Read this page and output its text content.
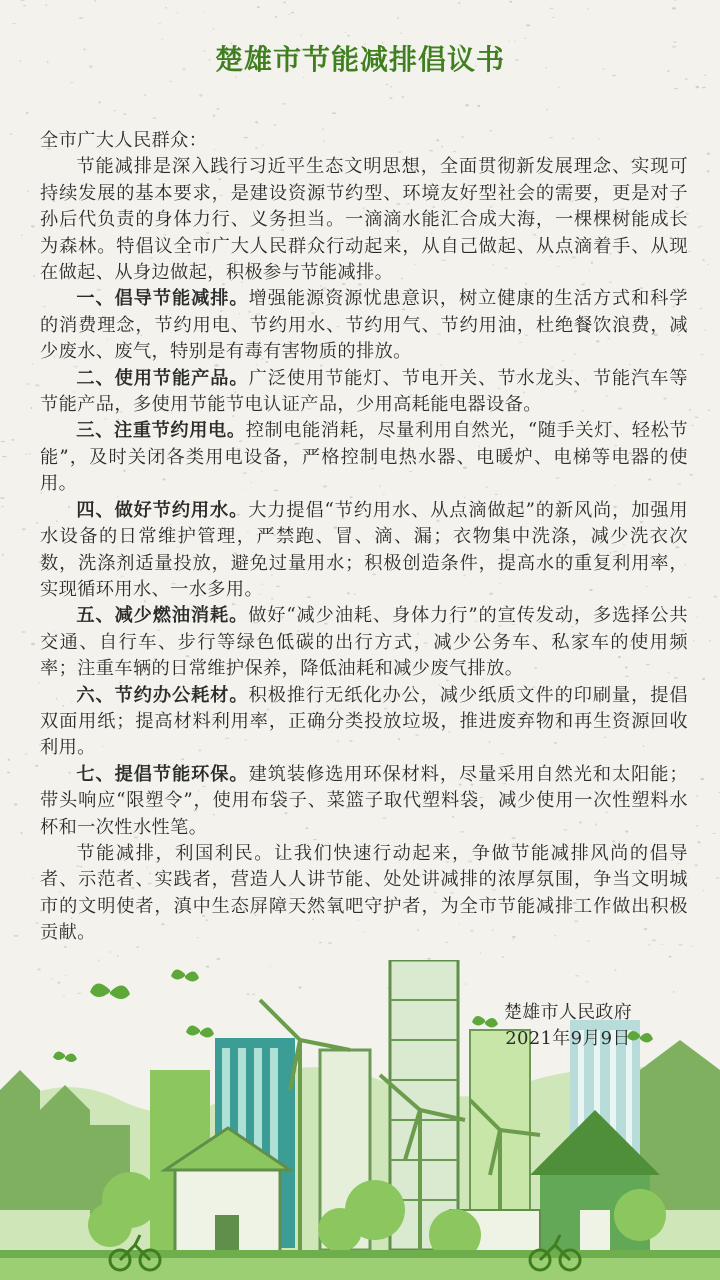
楚雄市节能减排倡议书

全市广大人民群众：

节能减排是深入践行习近平生态文明思想，全面贯彻新发展理念、实现可持续发展的基本要求，是建设资源节约型、环境友好型社会的需要，更是对子孙后代负责的身体力行、义务担当。一滴滴水能汇合成大海，一棵棵树能成长为森林。特倡议全市广大人民群众行动起来，从自己做起、从点滴着手、从现在做起、从身边做起，积极参与节能减排。

一、倡导节能减排。增强能源资源忧患意识，树立健康的生活方式和科学的消费理念，节约用电、节约用水、节约用气、节约用油，杜绝餐饮浪费，减少废水、废气，特别是有毒有害物质的排放。

二、使用节能产品。广泛使用节能灯、节电开关、节水龙头、节能汽车等节能产品，多使用节能节电认证产品，少用高耗能电器设备。

三、注重节约用电。控制电能消耗，尽量利用自然光，“随手关灯、轻松节能”，及时关闭各类用电设备，严格控制电热水器、电暖炉、电梯等电器的使用。

四、做好节约用水。大力提倡“节约用水、从点滴做起”的新风尚，加强用水设备的日常维护管理，严禁跑、冒、滴、漏；衣物集中洗涤，减少洗衣次数，洗涤剂适量投放，避免过量用水；积极创造条件，提高水的重复利用率，实现循环用水、一水多用。

五、减少燃油消耗。做好“减少油耗、身体力行”的宣传发动，多选择公共交通、自行车、步行等绿色低碳的出行方式，减少公务车、私家车的使用频率；注重车辆的日常维护保养，降低油耗和减少废气排放。

六、节约办公耗材。积极推行无纸化办公，减少纸质文件的印刷量，提倡双面用纸；提高材料利用率，正确分类投放垃圾，推进废弃物和再生资源回收利用。

七、提倡节能环保。建筑装修选用环保材料，尽量采用自然光和太阳能；带头响应“限塑令”，使用布袋子、菜篮子取代塑料袋，减少使用一次性塑料水杯和一次性水性笔。

节能减排，利国利民。让我们快速行动起来，争做节能减排风尚的倡导者、示范者、实践者，营造人人讲节能、处处讲减排的浓厚氛围，争当文明城市的文明使者，滇中生态屏障天然氧吧守护者，为全市节能减排工作做出积极贡献。

楚雄市人民政府
2021年9月9日
